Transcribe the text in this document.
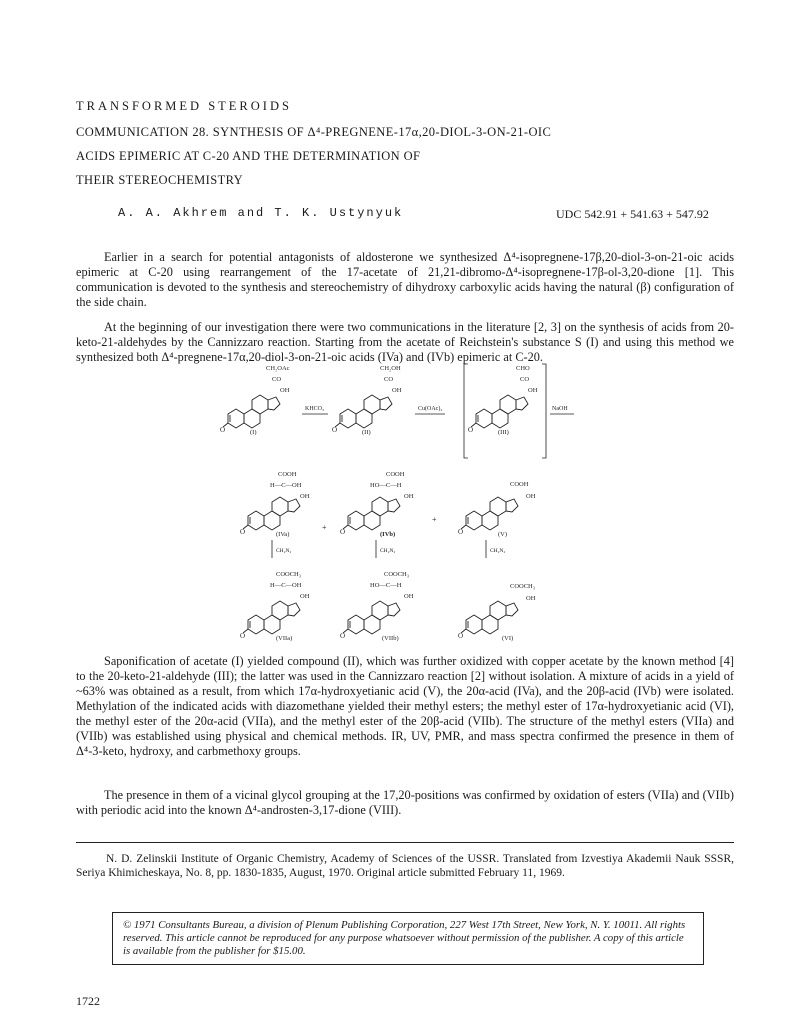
TRANSFORMED STEROIDS
COMMUNICATION 28. SYNTHESIS OF Δ⁴-PREGNENE-17α,20-DIOL-3-ON-21-OIC
ACIDS EPIMERIC AT C-20 AND THE DETERMINATION OF
THEIR STEREOCHEMISTRY
A. A. Akhrem and T. K. Ustynyuk	UDC 542.91 + 541.63 + 547.92
Earlier in a search for potential antagonists of aldosterone we synthesized Δ⁴-isopregnene-17β,20-diol-3-on-21-oic acids epimeric at C-20 using rearrangement of the 17-acetate of 21,21-dibromo-Δ⁴-isopregnene-17β-ol-3,20-dione [1]. This communication is devoted to the synthesis and stereochemistry of dihydroxy carboxylic acids having the natural (β) configuration of the side chain.
At the beginning of our investigation there were two communications in the literature [2, 3] on the synthesis of acids from 20-keto-21-aldehydes by the Cannizzaro reaction. Starting from the acetate of Reichstein's substance S (I) and using this method we synthesized both Δ⁴-pregnene-17α,20-diol-3-on-21-oic acids (IVa) and (IVb) epimeric at C-20.
CH₂OAc
CO
OH
O	(I)
KHCO₃
CH₂OH
CO
OH
O	(II)
Cu(OAc)₂
CHO
CO
OH
O	(III)
NaOH
COOH
H—C—OH
OH
O	(IVa)
+
COOH
HO—C—H
OH
O	(IVb)
+
COOH
OH
O	(V)
CH₂N₂	CH₂N₂	CH₂N₂
COOCH₃
H—C—OH
OH
O	(VIIa)
COOCH₃
HO—C—H
OH
O	(VIIb)
COOCH₃
OH
O	(VI)
Saponification of acetate (I) yielded compound (II), which was further oxidized with copper acetate by the known method [4] to the 20-keto-21-aldehyde (III); the latter was used in the Cannizzaro reaction [2] without isolation. A mixture of acids in a yield of ~63% was obtained as a result, from which 17α-hydroxyetianic acid (V), the 20α-acid (IVa), and the 20β-acid (IVb) were isolated. Methylation of the indicated acids with diazomethane yielded their methyl esters; the methyl ester of 17α-hydroxyetianic acid (VI), the methyl ester of the 20α-acid (VIIa), and the methyl ester of the 20β-acid (VIIb). The structure of the methyl esters (VIIa) and (VIIb) was established using physical and chemical methods. IR, UV, PMR, and mass spectra confirmed the presence in them of Δ⁴-3-keto, hydroxy, and carbmethoxy groups.
The presence in them of a vicinal glycol grouping at the 17,20-positions was confirmed by oxidation of esters (VIIa) and (VIIb) with periodic acid into the known Δ⁴-androsten-3,17-dione (VIII).
N. D. Zelinskii Institute of Organic Chemistry, Academy of Sciences of the USSR. Translated from Izvestiya Akademii Nauk SSSR, Seriya Khimicheskaya, No. 8, pp. 1830-1835, August, 1970. Original article submitted February 11, 1969.
© 1971 Consultants Bureau, a division of Plenum Publishing Corporation, 227 West 17th Street, New York, N. Y. 10011. All rights reserved. This article cannot be reproduced for any purpose whatsoever without permission of the publisher. A copy of this article is available from the publisher for $15.00.
1722
